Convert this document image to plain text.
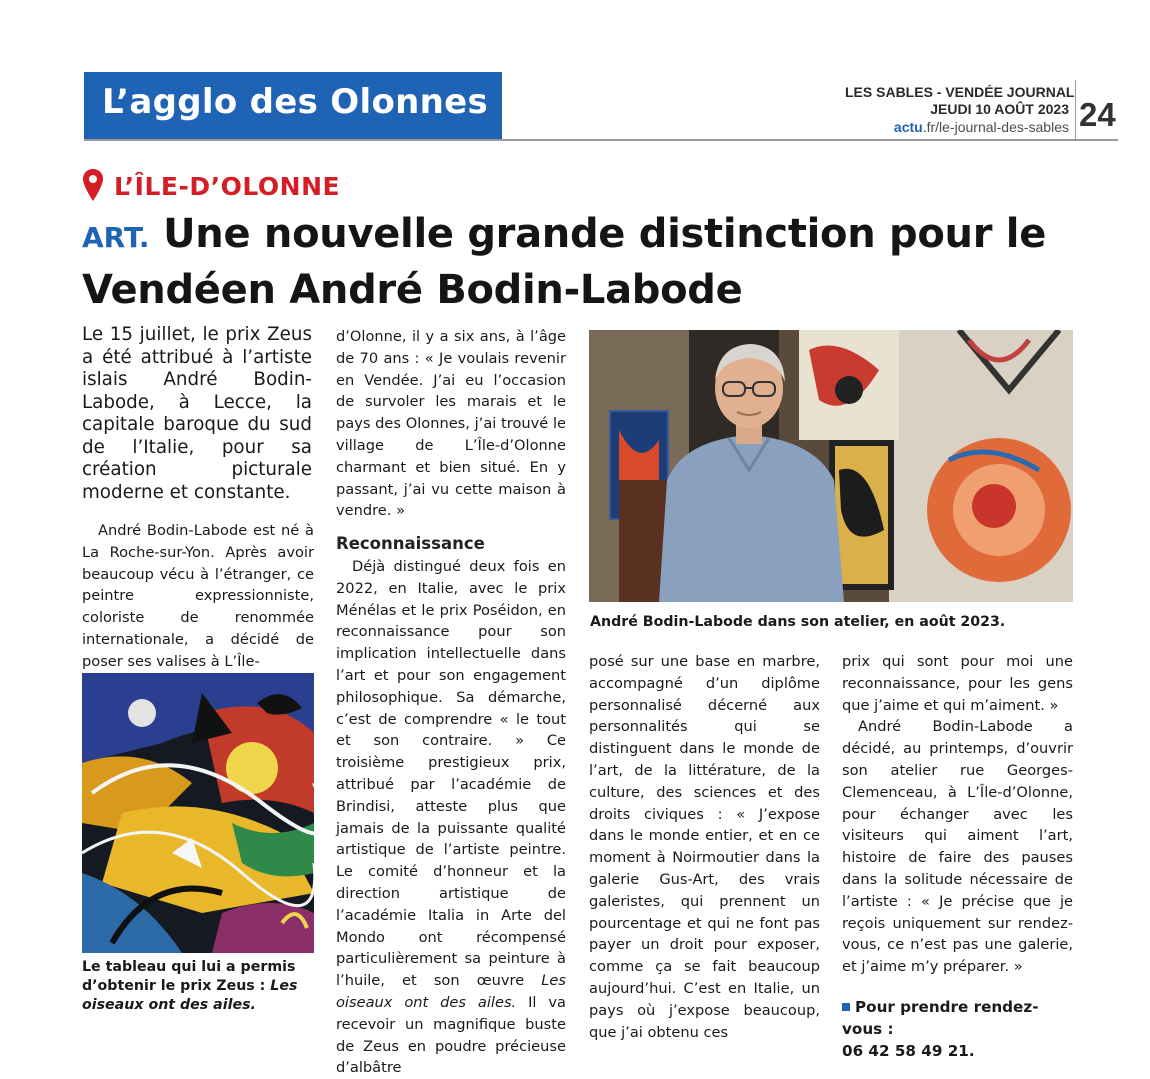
L’agglo des Olonnes	LES SABLES - VENDÉE JOURNAL
JEUDI 10 AOÛT 2023
actu.fr/le-journal-des-sables 24
L’ÎLE-D’OLONNE
ART. Une nouvelle grande distinction pour le Vendéen André Bodin-Labode

Le 15 juillet, le prix Zeus a été attribué à l’artiste islais André Bodin-Labode, à Lecce, la capitale baroque du sud de l’Italie, pour sa création picturale moderne et constante.

André Bodin-Labode est né à La Roche-sur-Yon. Après avoir beaucoup vécu à l’étranger, ce peintre expressionniste, coloriste de renommée internationale, a décidé de poser ses valises à L’Île-

Le tableau qui lui a permis d’obtenir le prix Zeus : Les oiseaux ont des ailes.

d’Olonne, il y a six ans, à l’âge de 70 ans : « Je voulais revenir en Vendée. J’ai eu l’occasion de survoler les marais et le pays des Olonnes, j’ai trouvé le village de L’Île-d’Olonne charmant et bien situé. En y passant, j’ai vu cette maison à vendre. »

Reconnaissance

Déjà distingué deux fois en 2022, en Italie, avec le prix Ménélas et le prix Poséidon, en reconnaissance pour son implication intellectuelle dans l’art et pour son engagement philosophique. Sa démarche, c’est de comprendre « le tout et son contraire. » Ce troisième prestigieux prix, attribué par l’académie de Brindisi, atteste plus que jamais de la puissante qualité artistique de l’artiste peintre. Le comité d’honneur et la direction artistique de l’académie Italia in Arte del Mondo ont récompensé particulièrement sa peinture à l’huile, et son œuvre Les oiseaux ont des ailes. Il va recevoir un magnifique buste de Zeus en poudre précieuse d’albâtre

André Bodin-Labode dans son atelier, en août 2023.

posé sur une base en marbre, accompagné d’un diplôme personnalisé décerné aux personnalités qui se distinguent dans le monde de l’art, de la littérature, de la culture, des sciences et des droits civiques : « J’expose dans le monde entier, et en ce moment à Noirmoutier dans la galerie Gus-Art, des vrais galeristes, qui prennent un pourcentage et qui ne font pas payer un droit pour exposer, comme ça se fait beaucoup aujourd’hui. C’est en Italie, un pays où j’expose beaucoup, que j’ai obtenu ces

prix qui sont pour moi une reconnaissance, pour les gens que j’aime et qui m’aiment. »

André Bodin-Labode a décidé, au printemps, d’ouvrir son atelier rue Georges-Clemenceau, à L’Île-d’Olonne, pour échanger avec les visiteurs qui aiment l’art, histoire de faire des pauses dans la solitude nécessaire de l’artiste : « Je précise que je reçois uniquement sur rendez-vous, ce n’est pas une galerie, et j’aime m’y préparer. »

Pour prendre rendez-vous :
06 42 58 49 21.
